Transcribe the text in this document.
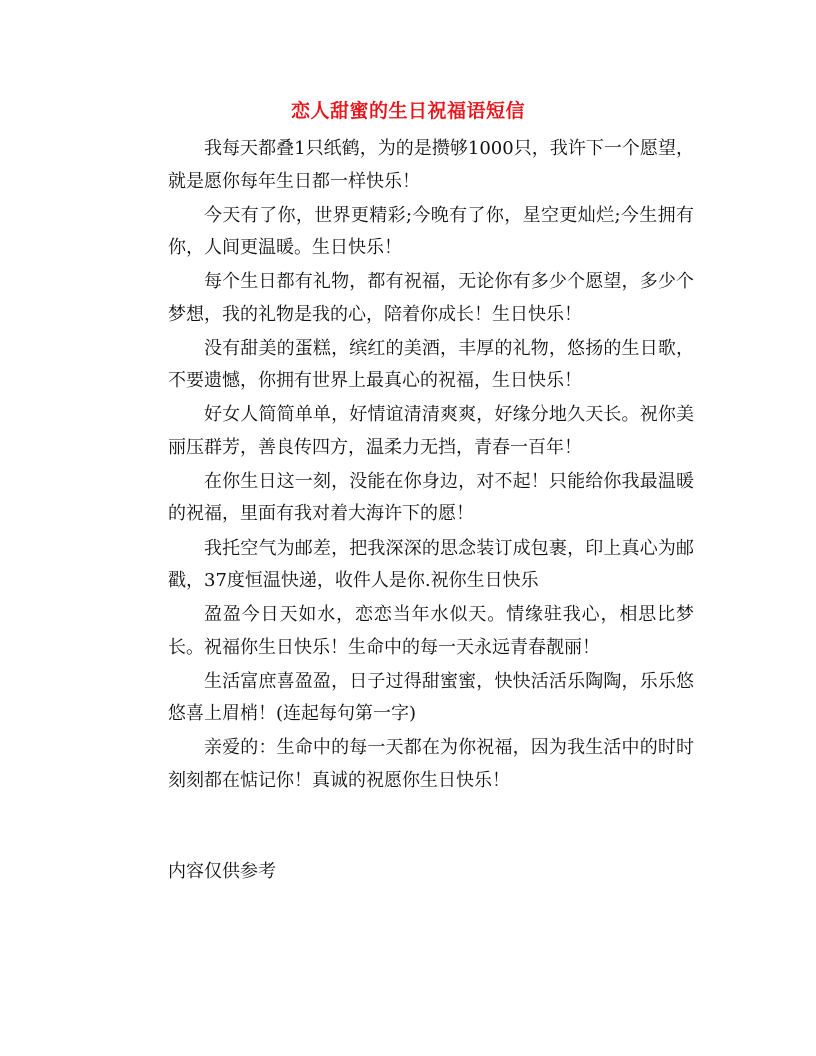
恋人甜蜜的生日祝福语短信

我每天都叠1只纸鹤，为的是攒够1000只，我许下一个愿望，就是愿你每年生日都一样快乐！

今天有了你，世界更精彩;今晚有了你，星空更灿烂;今生拥有你，人间更温暖。生日快乐！

每个生日都有礼物，都有祝福，无论你有多少个愿望，多少个梦想，我的礼物是我的心，陪着你成长！生日快乐！

没有甜美的蛋糕，缤红的美酒，丰厚的礼物，悠扬的生日歌，不要遗憾，你拥有世界上最真心的祝福，生日快乐！

好女人简简单单，好情谊清清爽爽，好缘分地久天长。祝你美丽压群芳，善良传四方，温柔力无挡，青春一百年！

在你生日这一刻，没能在你身边，对不起！只能给你我最温暖的祝福，里面有我对着大海许下的愿！

我托空气为邮差，把我深深的思念装订成包裹，印上真心为邮戳，37度恒温快递，收件人是你.祝你生日快乐

盈盈今日天如水，恋恋当年水似天。情缘驻我心，相思比梦长。祝福你生日快乐！生命中的每一天永远青春靓丽！

生活富庶喜盈盈，日子过得甜蜜蜜，快快活活乐陶陶，乐乐悠悠喜上眉梢！(连起每句第一字)

亲爱的：生命中的每一天都在为你祝福，因为我生活中的时时刻刻都在惦记你！真诚的祝愿你生日快乐！

内容仅供参考
